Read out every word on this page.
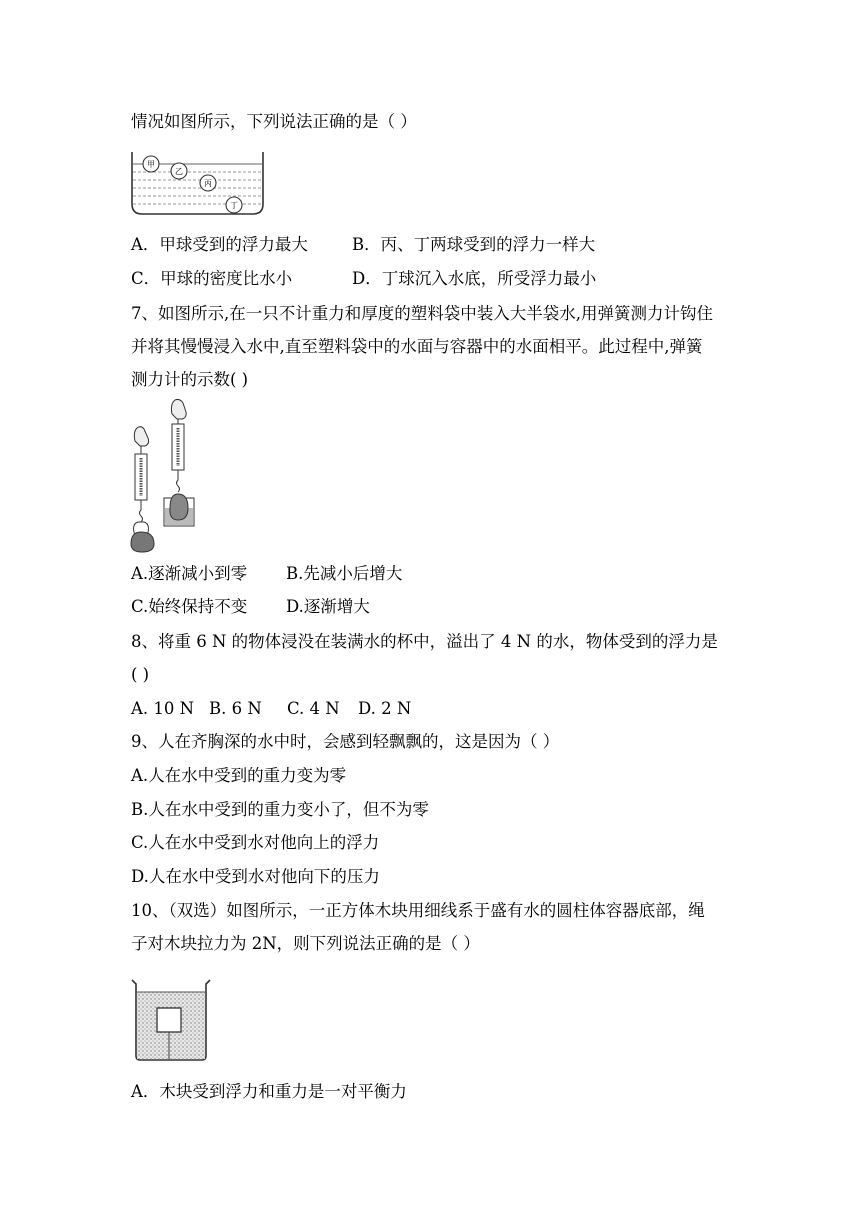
情况如图所示，下列说法正确的是（ ）
甲
乙
丙
丁
A．甲球受到的浮力最大	B．丙、丁两球受到的浮力一样大
C．甲球的密度比水小	D．丁球沉入水底，所受浮力最小
7、如图所示,在一只不计重力和厚度的塑料袋中装入大半袋水,用弹簧测力计钩住
并将其慢慢浸入水中,直至塑料袋中的水面与容器中的水面相平。此过程中,弹簧
测力计的示数( )
A.逐渐减小到零 B.先减小后增大
C.始终保持不变 D.逐渐增大
8、将重 6 N 的物体浸没在装满水的杯中，溢出了 4 N 的水，物体受到的浮力是
( )
A. 10 N B. 6 N C. 4 N D. 2 N
9、人在齐胸深的水中时，会感到轻飘飘的，这是因为（ ）
A.人在水中受到的重力变为零
B.人在水中受到的重力变小了，但不为零
C.人在水中受到水对他向上的浮力
D.人在水中受到水对他向下的压力
10、（双选）如图所示，一正方体木块用细线系于盛有水的圆柱体容器底部，绳
子对木块拉力为 2N，则下列说法正确的是（ ）
A．木块受到浮力和重力是一对平衡力
